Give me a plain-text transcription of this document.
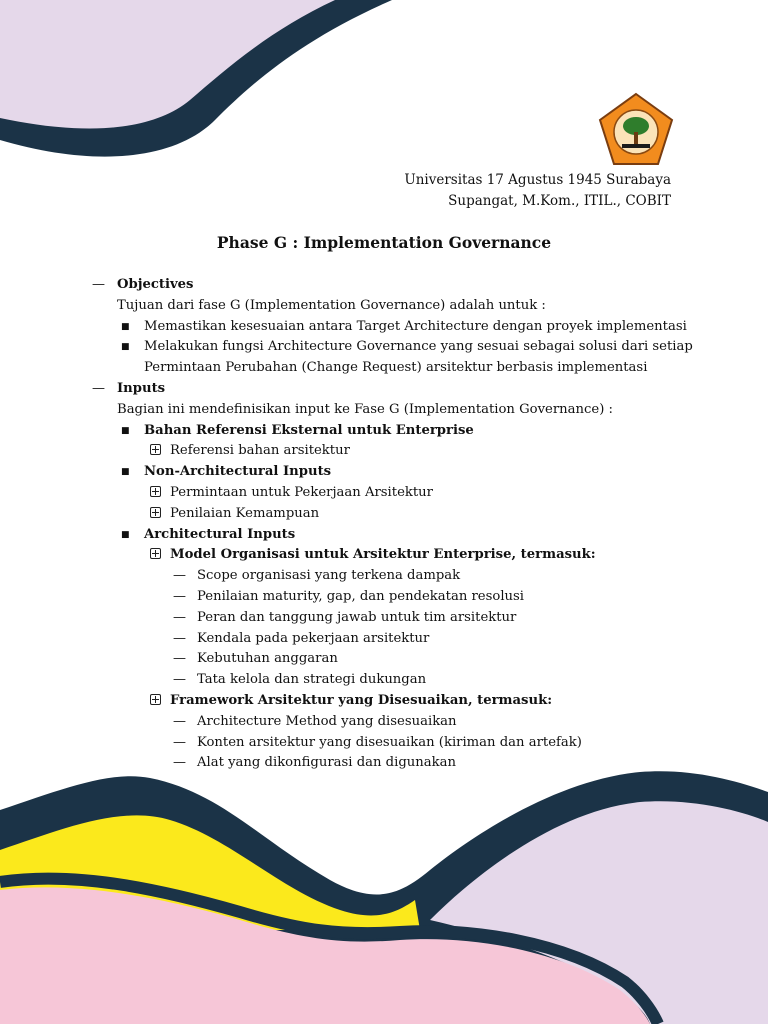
Universitas 17 Agustus 1945 Surabaya
Supangat, M.Kom., ITIL., COBIT
Phase G : Implementation Governance
— Objectives
Tujuan dari fase G (Implementation Governance) adalah untuk :
■ Memastikan kesesuaian antara Target Architecture dengan proyek implementasi
■ Melakukan fungsi Architecture Governance yang sesuai sebagai solusi dari setiap
Permintaan Perubahan (Change Request) arsitektur berbasis implementasi
— Inputs
Bagian ini mendefinisikan input ke Fase G (Implementation Governance) :
■ Bahan Referensi Eksternal untuk Enterprise
Referensi bahan arsitektur
■ Non-Architectural Inputs
Permintaan untuk Pekerjaan Arsitektur
Penilaian Kemampuan
■ Architectural Inputs
Model Organisasi untuk Arsitektur Enterprise, termasuk:
— Scope organisasi yang terkena dampak
— Penilaian maturity, gap, dan pendekatan resolusi
— Peran dan tanggung jawab untuk tim arsitektur
— Kendala pada pekerjaan arsitektur
— Kebutuhan anggaran
— Tata kelola dan strategi dukungan
Framework Arsitektur yang Disesuaikan, termasuk:
— Architecture Method yang disesuaikan
— Konten arsitektur yang disesuaikan (kiriman dan artefak)
— Alat yang dikonfigurasi dan digunakan
